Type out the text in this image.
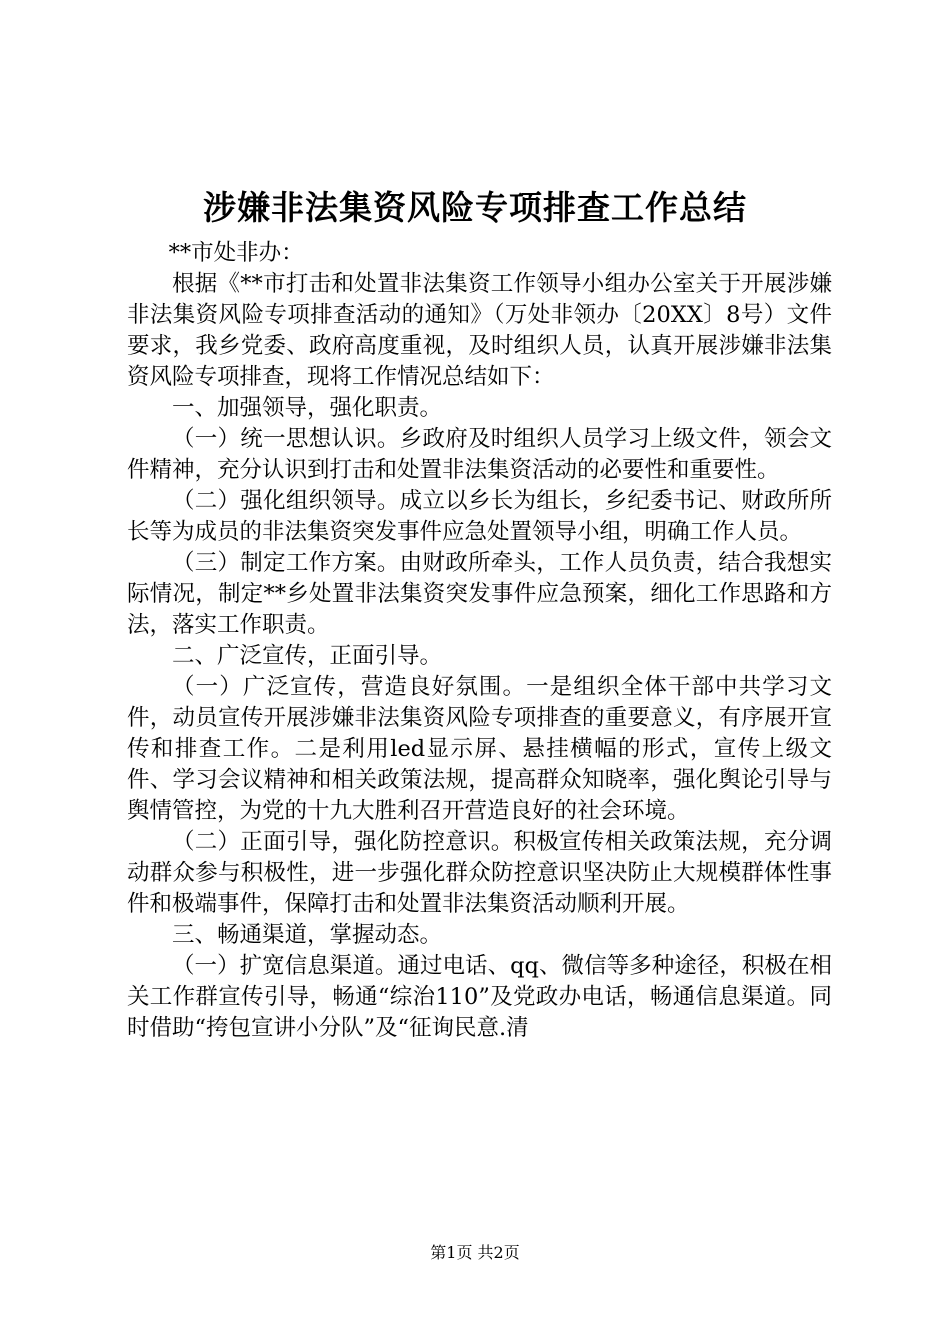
涉嫌非法集资风险专项排查工作总结

**市处非办：

根据《**市打击和处置非法集资工作领导小组办公室关于开展涉嫌非法集资风险专项排查活动的通知》（万处非领办〔20XX〕8号）文件要求，我乡党委、政府高度重视，及时组织人员，认真开展涉嫌非法集资风险专项排查，现将工作情况总结如下：

一、加强领导，强化职责。

（一）统一思想认识。乡政府及时组织人员学习上级文件，领会文件精神，充分认识到打击和处置非法集资活动的必要性和重要性。

（二）强化组织领导。成立以乡长为组长，乡纪委书记、财政所所长等为成员的非法集资突发事件应急处置领导小组，明确工作人员。

（三）制定工作方案。由财政所牵头，工作人员负责，结合我想实际情况，制定**乡处置非法集资突发事件应急预案，细化工作思路和方法，落实工作职责。

二、广泛宣传，正面引导。

（一）广泛宣传，营造良好氛围。一是组织全体干部中共学习文件，动员宣传开展涉嫌非法集资风险专项排查的重要意义，有序展开宣传和排查工作。二是利用led显示屏、悬挂横幅的形式，宣传上级文件、学习会议精神和相关政策法规，提高群众知晓率，强化舆论引导与舆情管控，为党的十九大胜利召开营造良好的社会环境。

（二）正面引导，强化防控意识。积极宣传相关政策法规，充分调动群众参与积极性，进一步强化群众防控意识坚决防止大规模群体性事件和极端事件，保障打击和处置非法集资活动顺利开展。

三、畅通渠道，掌握动态。

（一）扩宽信息渠道。通过电话、qq、微信等多种途径，积极在相关工作群宣传引导，畅通“综治110”及党政办电话，畅通信息渠道。同时借助“挎包宣讲小分队”及“征询民意.清

第1页 共2页
